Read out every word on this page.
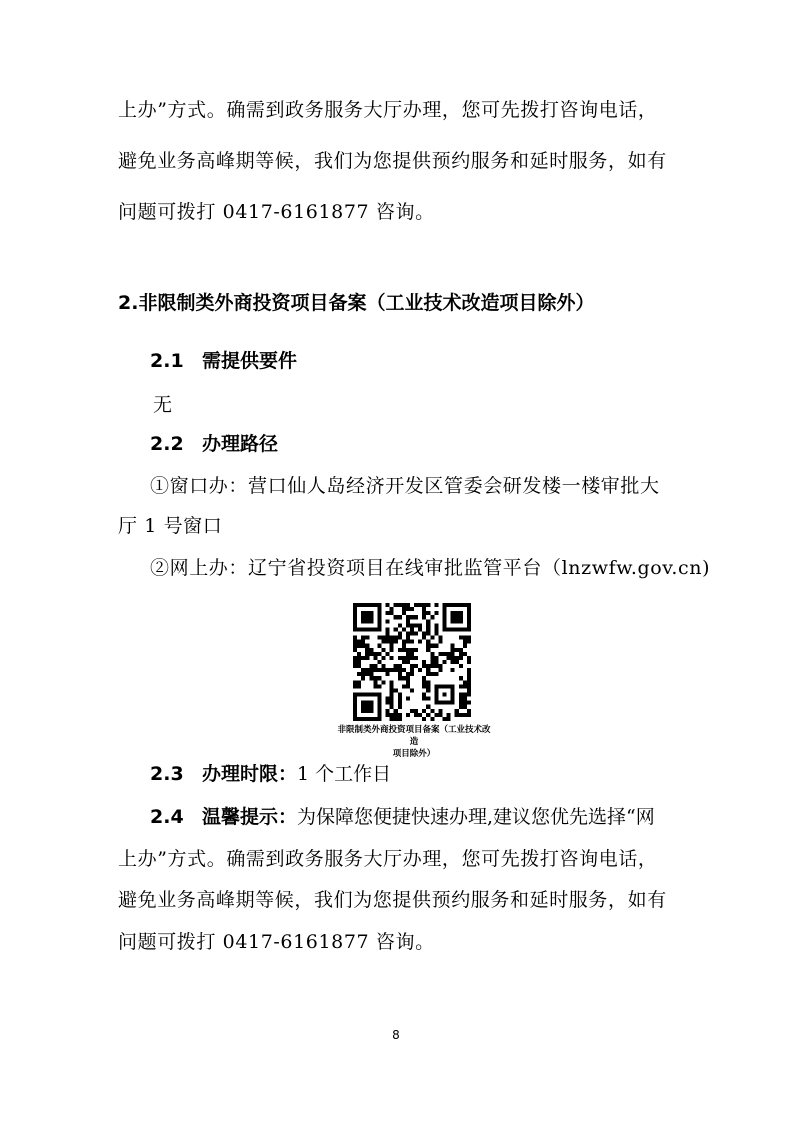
上办”方式。确需到政务服务大厅办理，您可先拨打咨询电话，
避免业务高峰期等候，我们为您提供预约服务和延时服务，如有
问题可拨打 0417-6161877 咨询。
2.非限制类外商投资项目备案（工业技术改造项目除外）
2.1 需提供要件
无
2.2 办理路径
①窗口办：营口仙人岛经济开发区管委会研发楼一楼审批大
厅 1 号窗口
②网上办：辽宁省投资项目在线审批监管平台（lnzwfw.gov.cn)
非限制类外商投资项目备案（工业技术改造
项目除外）
2.3 办理时限：1 个工作日
2.4 温馨提示：为保障您便捷快速办理,建议您优先选择“网
上办”方式。确需到政务服务大厅办理，您可先拨打咨询电话，
避免业务高峰期等候，我们为您提供预约服务和延时服务，如有
问题可拨打 0417-6161877 咨询。
8
